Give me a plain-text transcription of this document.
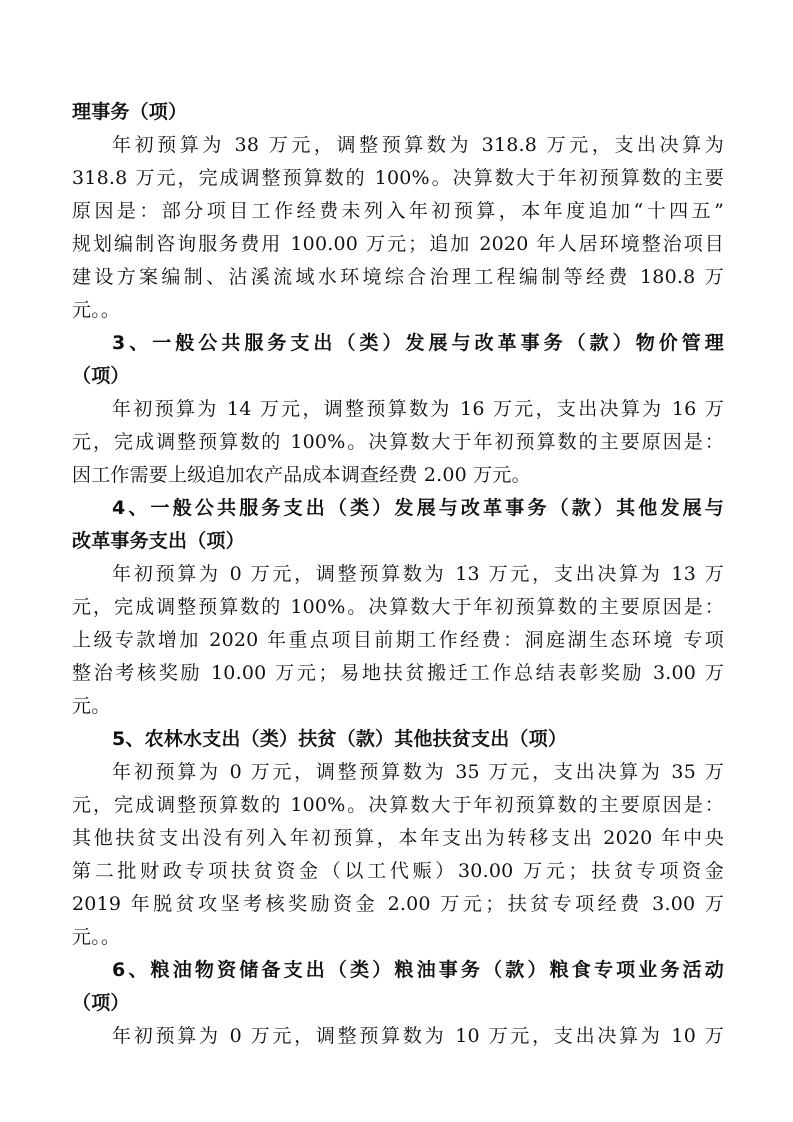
理事务（项）
年初预算为 38 万元，调整预算数为 318.8 万元，支出决算为
318.8 万元，完成调整预算数的 100%。决算数大于年初预算数的主要
原因是：部分项目工作经费未列入年初预算，本年度追加“十四五”
规划编制咨询服务费用 100.00 万元；追加 2020 年人居环境整治项目
建设方案编制、沾溪流域水环境综合治理工程编制等经费 180.8 万
元。。
3、一般公共服务支出（类）发展与改革事务（款）物价管理
（项）
年初预算为 14 万元，调整预算数为 16 万元，支出决算为 16 万
元，完成调整预算数的 100%。决算数大于年初预算数的主要原因是：
因工作需要上级追加农产品成本调查经费 2.00 万元。
4、一般公共服务支出（类）发展与改革事务（款）其他发展与
改革事务支出（项）
年初预算为 0 万元，调整预算数为 13 万元，支出决算为 13 万
元，完成调整预算数的 100%。决算数大于年初预算数的主要原因是：
上级专款增加 2020 年重点项目前期工作经费：洞庭湖生态环境 专项
整治考核奖励 10.00 万元；易地扶贫搬迁工作总结表彰奖励 3.00 万
元。
5、农林水支出（类）扶贫（款）其他扶贫支出（项）
年初预算为 0 万元，调整预算数为 35 万元，支出决算为 35 万
元，完成调整预算数的 100%。决算数大于年初预算数的主要原因是：
其他扶贫支出没有列入年初预算，本年支出为转移支出 2020 年中央
第二批财政专项扶贫资金（以工代赈）30.00 万元；扶贫专项资金
2019 年脱贫攻坚考核奖励资金 2.00 万元；扶贫专项经费 3.00 万
元。。
6、粮油物资储备支出（类）粮油事务（款）粮食专项业务活动
（项）
年初预算为 0 万元，调整预算数为 10 万元，支出决算为 10 万
